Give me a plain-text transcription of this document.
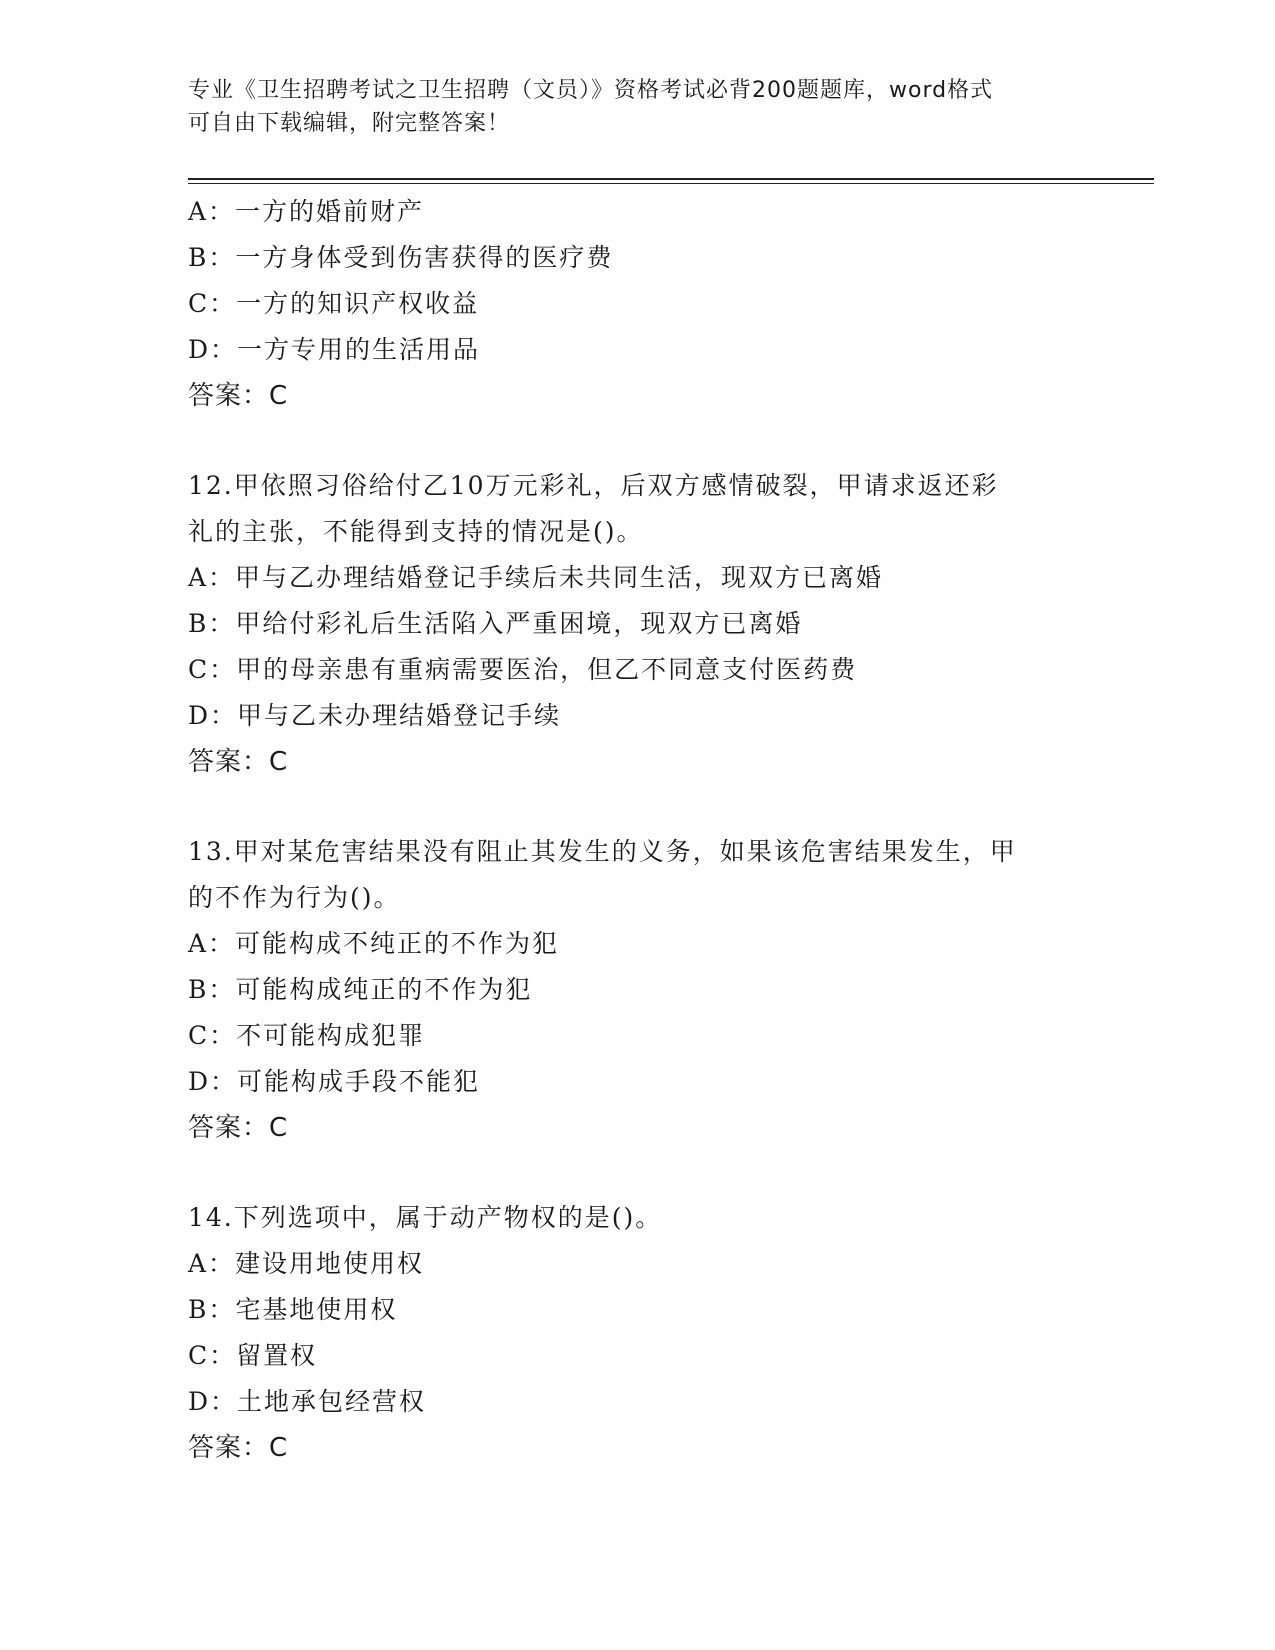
专业《卫生招聘考试之卫生招聘（文员）》资格考试必背200题题库，word格式
可自由下载编辑，附完整答案！
A：一方的婚前财产
B：一方身体受到伤害获得的医疗费
C：一方的知识产权收益
D：一方专用的生活用品
答案：C
12.甲依照习俗给付乙10万元彩礼，后双方感情破裂，甲请求返还彩
礼的主张，不能得到支持的情况是()。
A：甲与乙办理结婚登记手续后未共同生活，现双方已离婚
B：甲给付彩礼后生活陷入严重困境，现双方已离婚
C：甲的母亲患有重病需要医治，但乙不同意支付医药费
D：甲与乙未办理结婚登记手续
答案：C
13.甲对某危害结果没有阻止其发生的义务，如果该危害结果发生，甲
的不作为行为()。
A：可能构成不纯正的不作为犯
B：可能构成纯正的不作为犯
C：不可能构成犯罪
D：可能构成手段不能犯
答案：C
14.下列选项中，属于动产物权的是()。
A：建设用地使用权
B：宅基地使用权
C：留置权
D：土地承包经营权
答案：C
